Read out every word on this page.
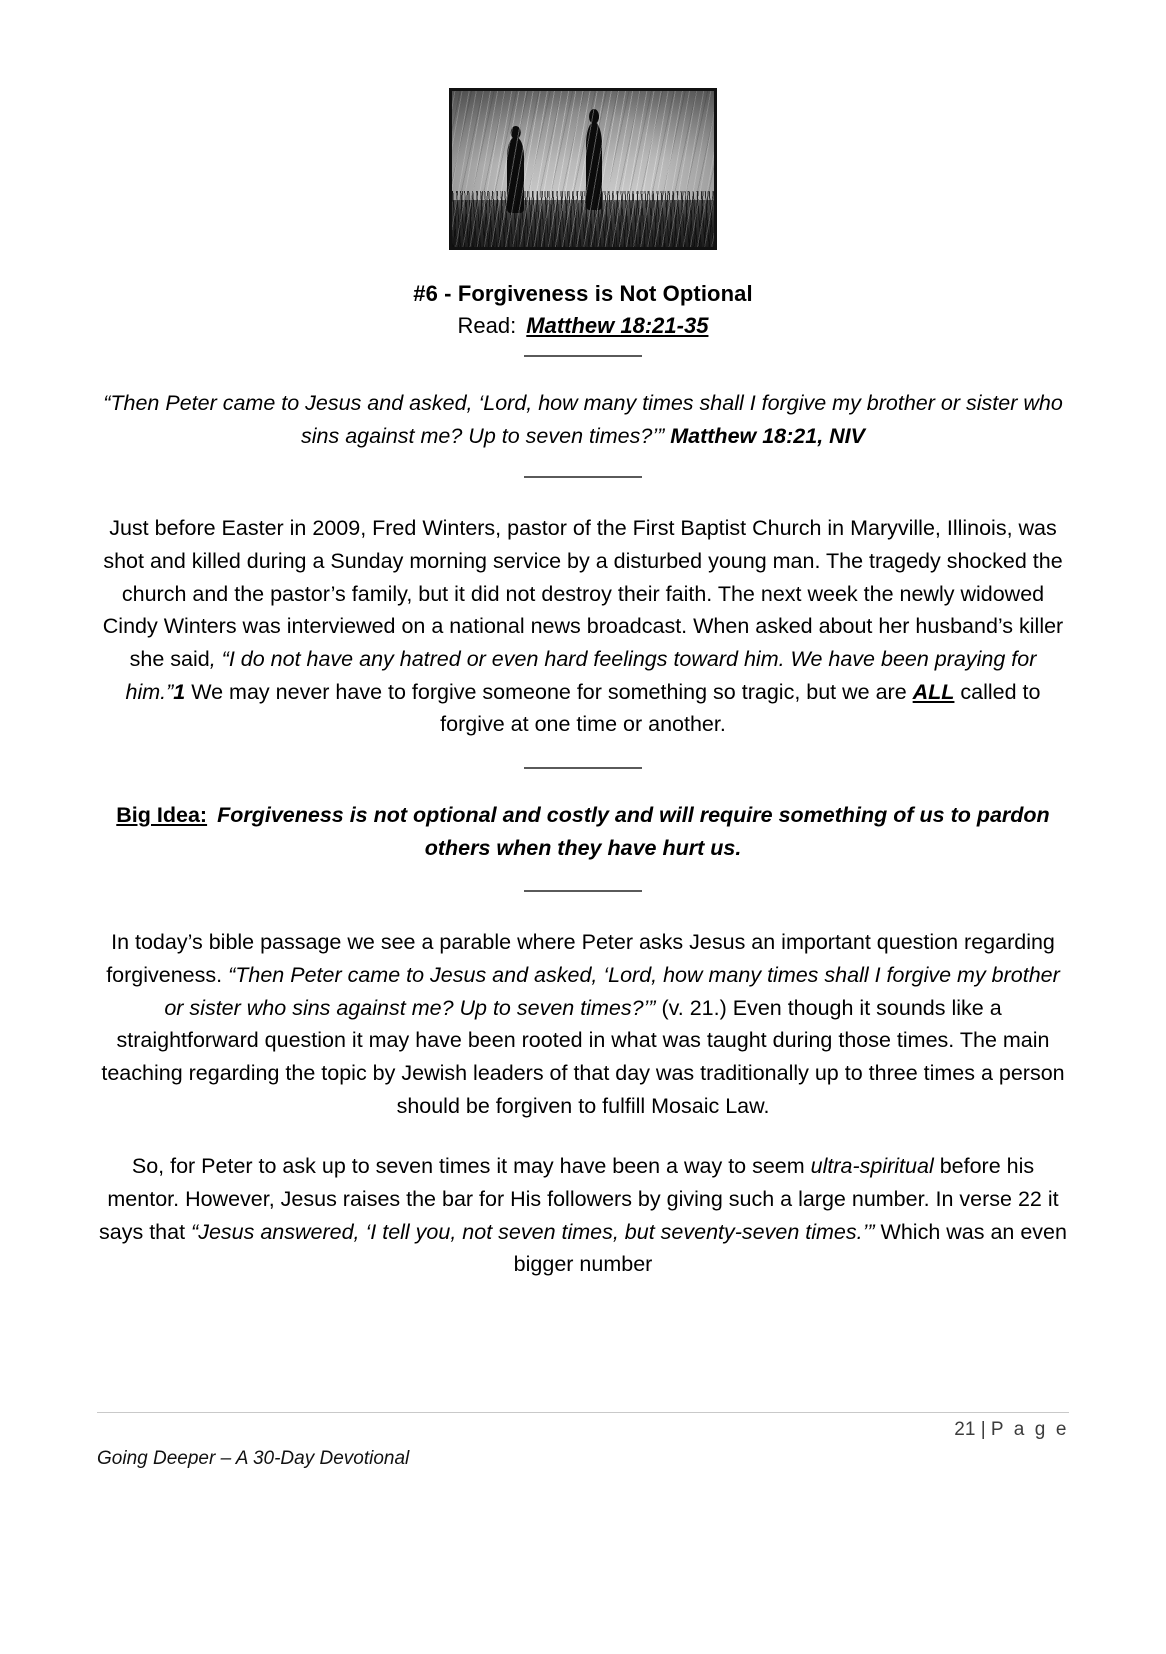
#6 - Forgiveness is Not Optional
Read: Matthew 18:21-35
“Then Peter came to Jesus and asked, ‘Lord, how many times shall I forgive my brother or sister who sins against me? Up to seven times?’” Matthew 18:21, NIV
Just before Easter in 2009, Fred Winters, pastor of the First Baptist Church in Maryville, Illinois, was shot and killed during a Sunday morning service by a disturbed young man. The tragedy shocked the church and the pastor’s family, but it did not destroy their faith. The next week the newly widowed Cindy Winters was interviewed on a national news broadcast. When asked about her husband’s killer she said, “I do not have any hatred or even hard feelings toward him. We have been praying for him.”1 We may never have to forgive someone for something so tragic, but we are ALL called to forgive at one time or another.
Big Idea: Forgiveness is not optional and costly and will require something of us to pardon others when they have hurt us.
In today’s bible passage we see a parable where Peter asks Jesus an important question regarding forgiveness. “Then Peter came to Jesus and asked, ‘Lord, how many times shall I forgive my brother or sister who sins against me? Up to seven times?’” (v. 21.) Even though it sounds like a straightforward question it may have been rooted in what was taught during those times. The main teaching regarding the topic by Jewish leaders of that day was traditionally up to three times a person should be forgiven to fulfill Mosaic Law.
So, for Peter to ask up to seven times it may have been a way to seem ultra-spiritual before his mentor. However, Jesus raises the bar for His followers by giving such a large number. In verse 22 it says that “Jesus answered, ‘I tell you, not seven times, but seventy-seven times.’” Which was an even bigger number
21 | P a g e
Going Deeper – A 30-Day Devotional
